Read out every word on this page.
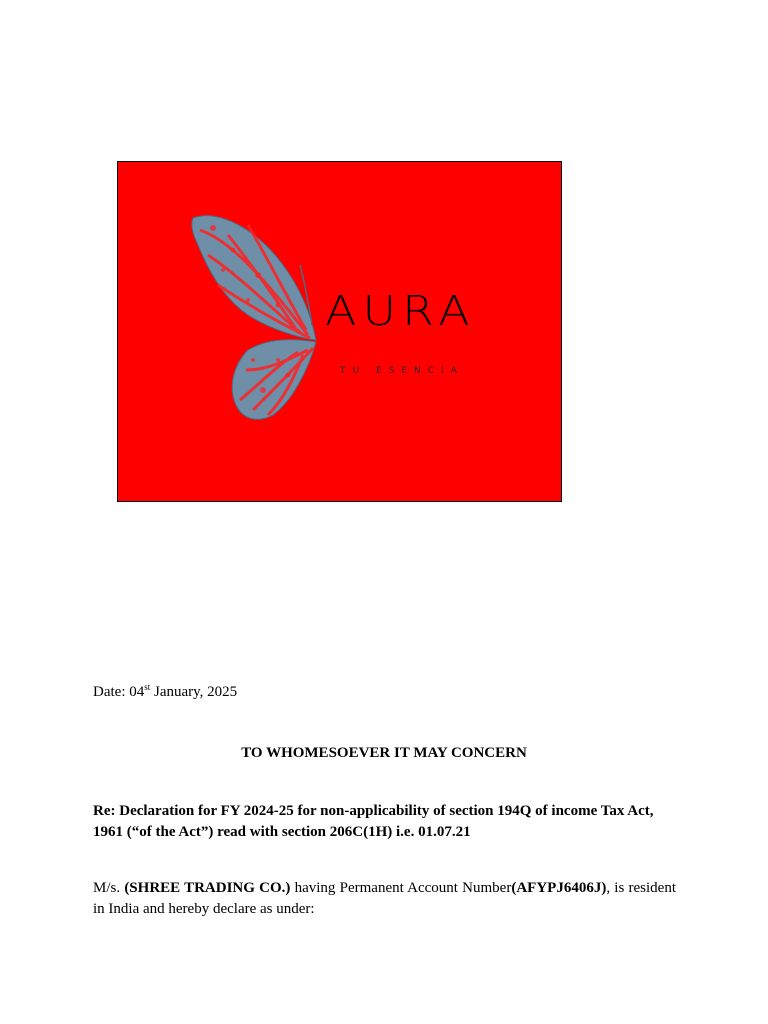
AURA
TU ESENCIA
Date: 04st January, 2025
TO WHOMESOEVER IT MAY CONCERN
Re: Declaration for FY 2024-25 for non-applicability of section 194Q of income Tax Act, 1961 (“of the Act”) read with section 206C(1H) i.e. 01.07.21
M/s. (SHREE TRADING CO.) having Permanent Account Number(AFYPJ6406J), is resident in India and hereby declare as under:
